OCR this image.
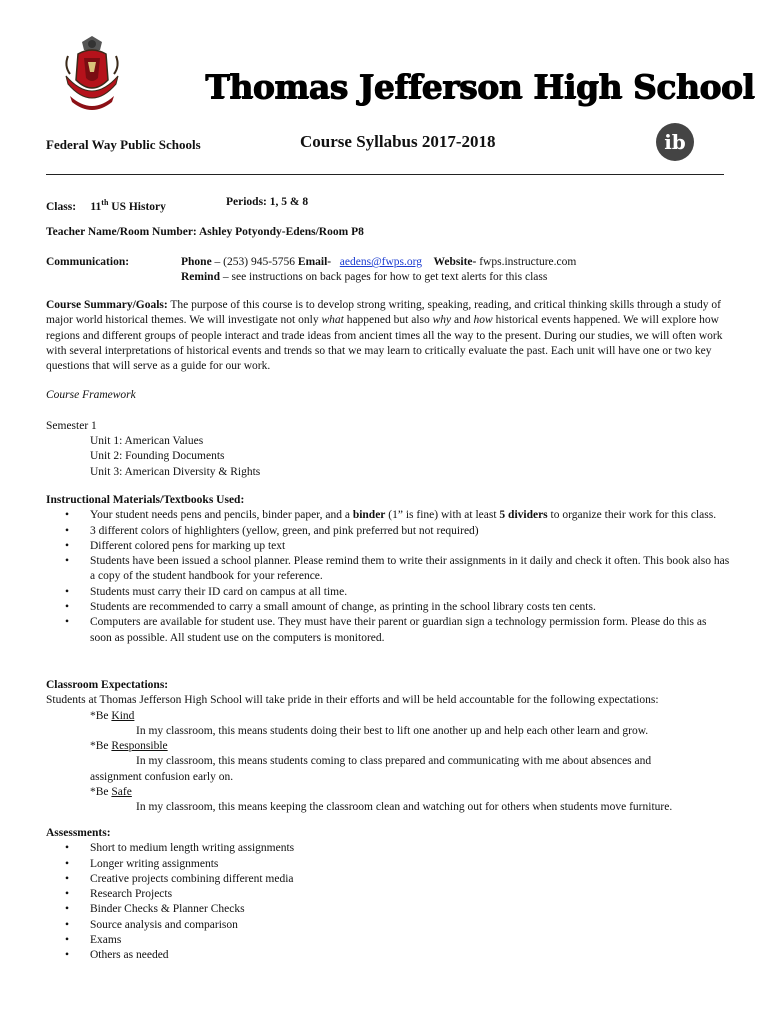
Thomas Jefferson High School
Federal Way Public Schools	Course Syllabus 2017-2018	ib
Class: 11th US History	Periods: 1, 5 & 8
Teacher Name/Room Number: Ashley Potyondy-Edens/Room P8
Communication:	Phone – (253) 945-5756 Email- aedens@fwps.org Website- fwps.instructure.com
Remind – see instructions on back pages for how to get text alerts for this class
Course Summary/Goals: The purpose of this course is to develop strong writing, speaking, reading, and critical thinking skills through a study of major world historical themes. We will investigate not only what happened but also why and how historical events happened. We will explore how regions and different groups of people interact and trade ideas from ancient times all the way to the present. During our studies, we will often work with several interpretations of historical events and trends so that we may learn to critically evaluate the past. Each unit will have one or two key questions that will serve as a guide for our work.
Course Framework
Semester 1
Unit 1: American Values
Unit 2: Founding Documents
Unit 3: American Diversity & Rights
Instructional Materials/Textbooks Used:
• Your student needs pens and pencils, binder paper, and a binder (1” is fine) with at least 5 dividers to organize their work for this class.
• 3 different colors of highlighters (yellow, green, and pink preferred but not required)
• Different colored pens for marking up text
• Students have been issued a school planner. Please remind them to write their assignments in it daily and check it often. This book also has a copy of the student handbook for your reference.
• Students must carry their ID card on campus at all time.
• Students are recommended to carry a small amount of change, as printing in the school library costs ten cents.
• Computers are available for student use. They must have their parent or guardian sign a technology permission form. Please do this as soon as possible. All student use on the computers is monitored.
Classroom Expectations:
Students at Thomas Jefferson High School will take pride in their efforts and will be held accountable for the following expectations:
*Be Kind
In my classroom, this means students doing their best to lift one another up and help each other learn and grow.
*Be Responsible
In my classroom, this means students coming to class prepared and communicating with me about absences and
assignment confusion early on.
*Be Safe
In my classroom, this means keeping the classroom clean and watching out for others when students move furniture.
Assessments:
• Short to medium length writing assignments
• Longer writing assignments
• Creative projects combining different media
• Research Projects
• Binder Checks & Planner Checks
• Source analysis and comparison
• Exams
• Others as needed
